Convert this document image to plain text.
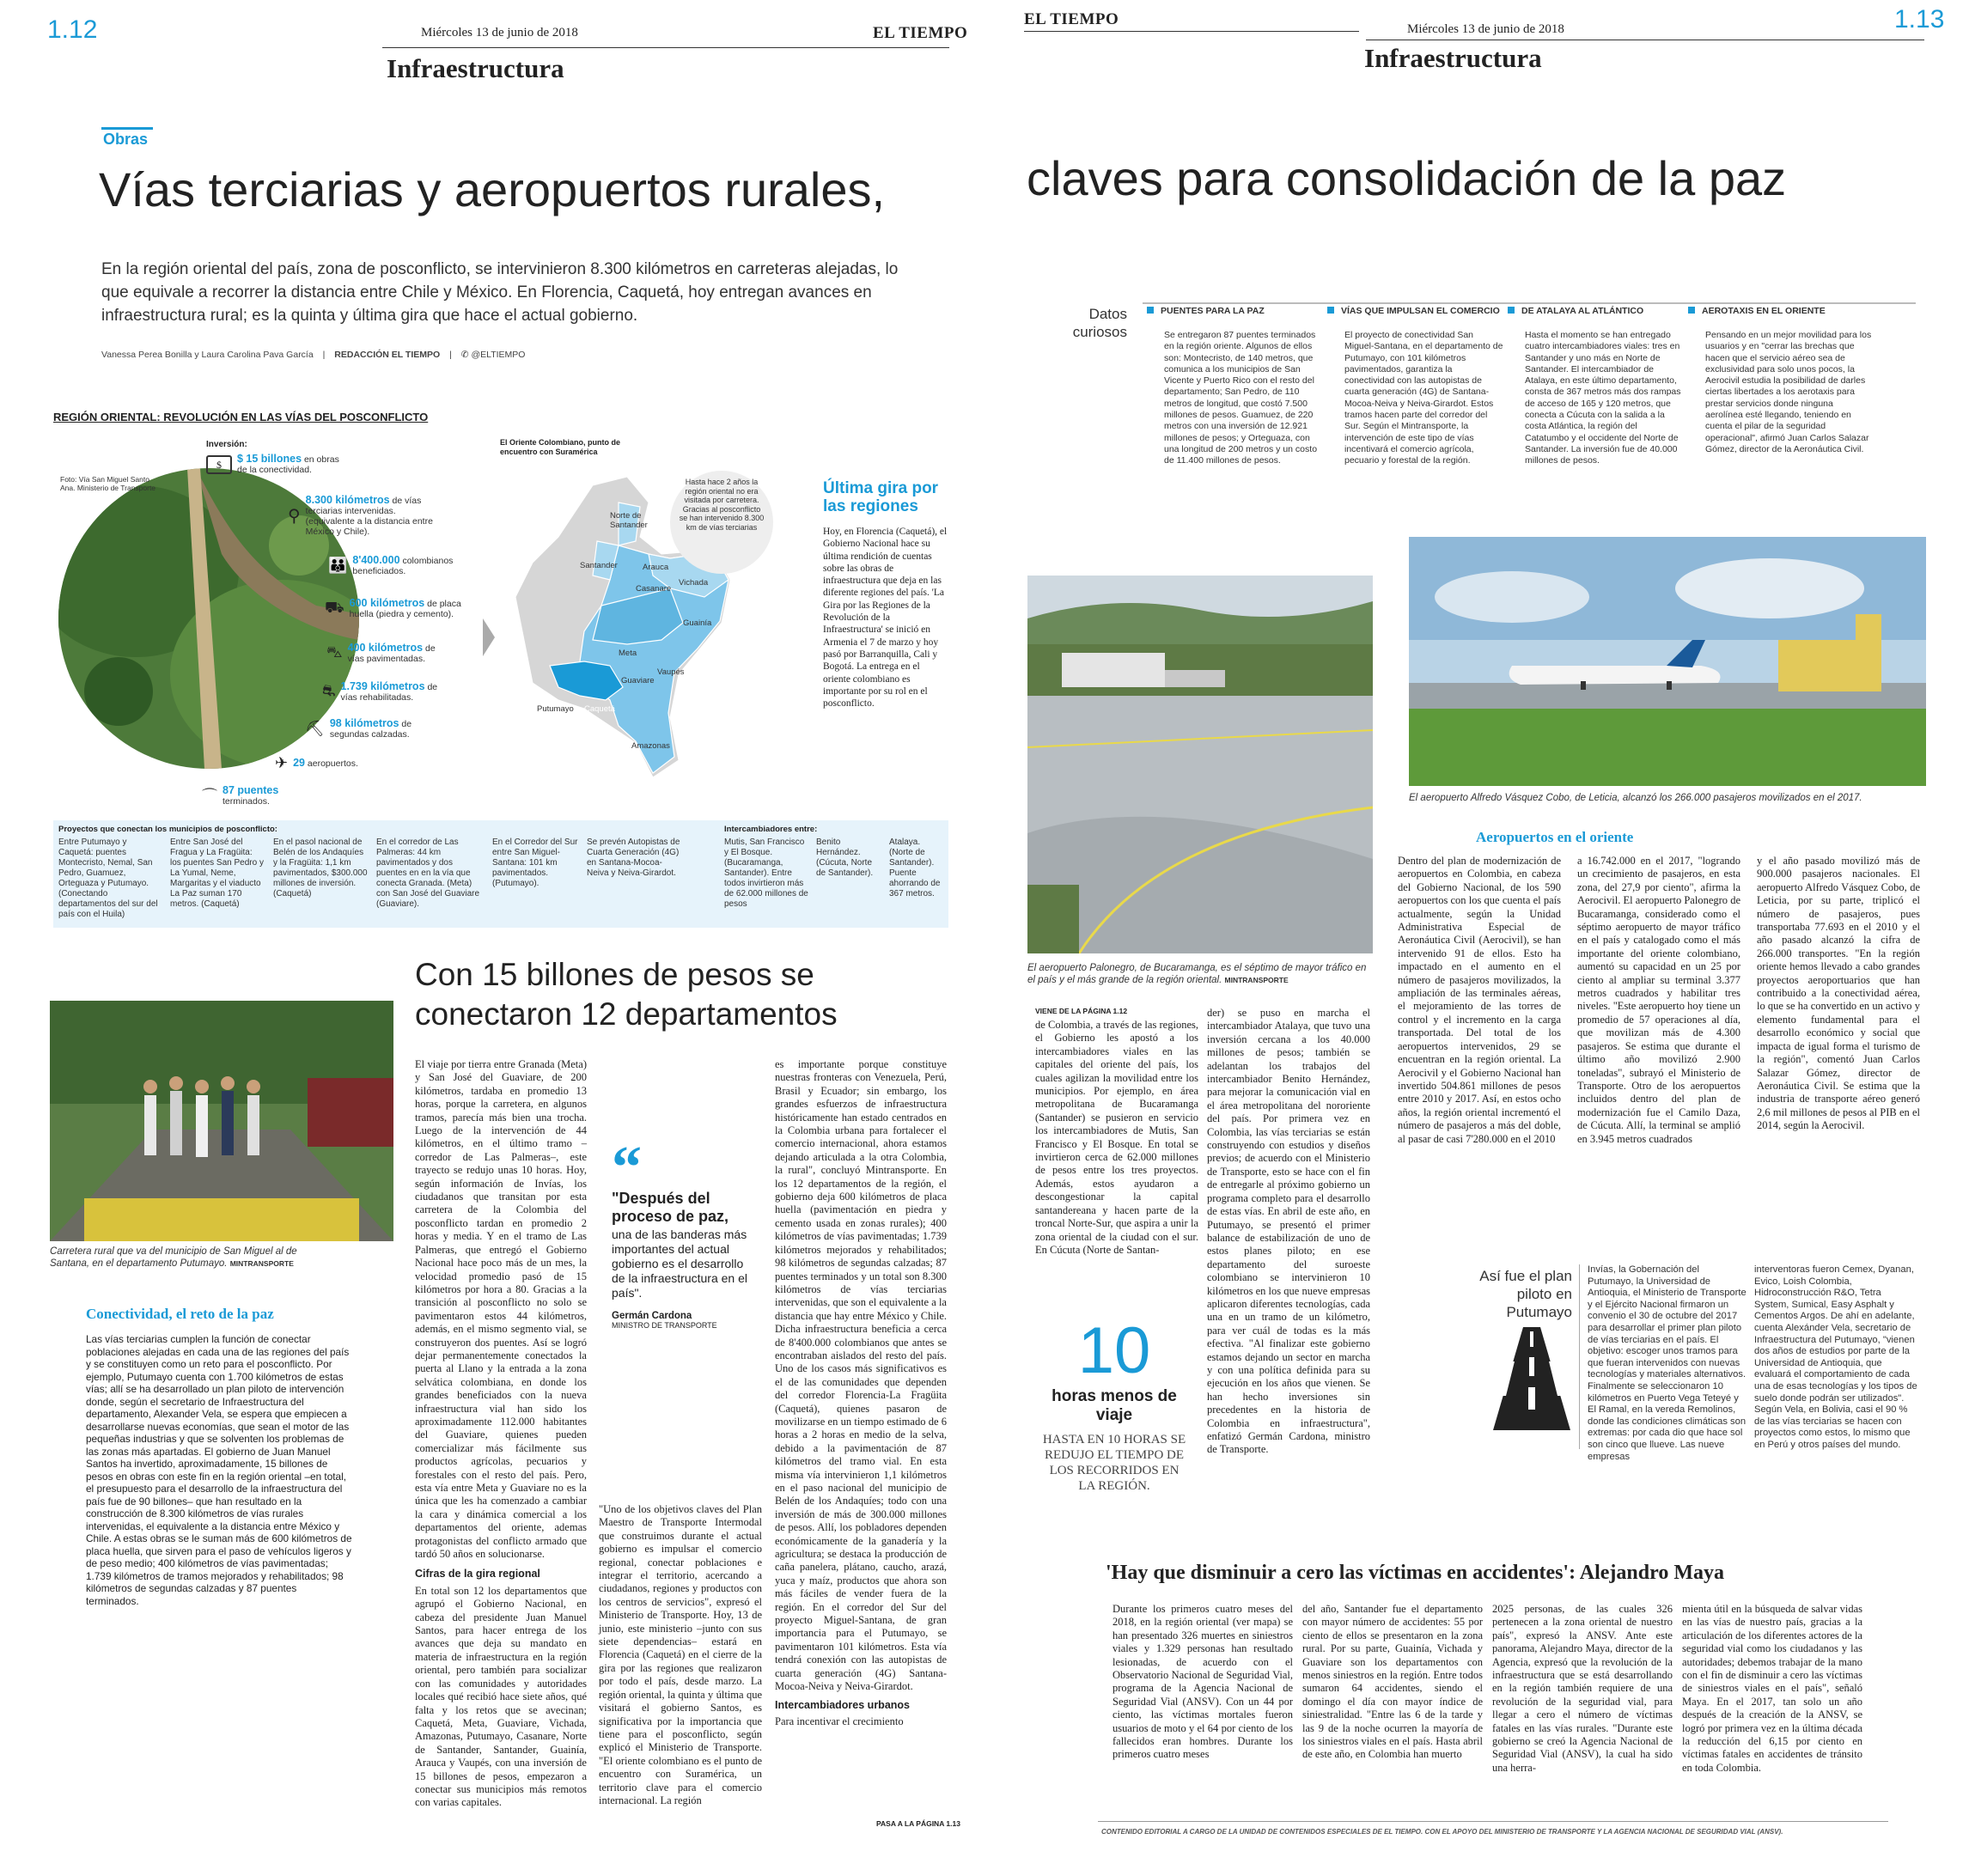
1.12	Miércoles 13 de junio de 2018	EL TIEMPO
Infraestructura
Obras
Vías terciarias y aeropuertos rurales,
En la región oriental del país, zona de posconflicto, se intervinieron 8.300 kilómetros en carreteras alejadas, lo que equivale a recorrer la distancia entre Chile y México. En Florencia, Caquetá, hoy entregan avances en infraestructura rural; es la quinta y última gira que hace el actual gobierno.
Vanessa Perea Bonilla y Laura Carolina Pava García | REDACCIÓN EL TIEMPO | ✆ @ELTIEMPO
REGIÓN ORIENTAL: REVOLUCIÓN EN LAS VÍAS DEL POSCONFLICTO
Inversión:
Foto: Vía San Miguel Santo Ana. Ministerio de Transporte
$	$ 15 billones en obras de la conectividad.
⚲
8.300 kilómetros de vías terciarias intervenidas. (equivalente a la distancia entre México y Chile).
👪 8'400.000 colombianos beneficiados.
⛟ 600 kilómetros de placa huella (piedra y cemento).
⛍ 400 kilómetros de vías pavimentadas.
⛐ 1.739 kilómetros de vías rehabilitadas.
⛏ 98 kilómetros de segundas calzadas.
✈ 29 aeropuertos.
⌒ 87 puentes terminados.
El Oriente Colombiano, punto de encuentro con Suramérica
Norte de Santander
Santander	Arauca
Casanare
Vichada
Guainía
Meta
Guaviare
Vaupés
Putumayo Caquetá
Amazonas
Hasta hace 2 años la región oriental no era visitada por carretera. Gracias al posconflicto se han intervenido 8.300 km de vías terciarias
Última gira por las regiones
Hoy, en Florencia (Caquetá), el Gobierno Nacional hace su última rendición de cuentas sobre las obras de infraestructura que deja en las diferente regiones del país. 'La Gira por las Regiones de la Revolución de la Infraestructura' se inició en Armenia el 7 de marzo y hoy pasó por Barranquilla, Cali y Bogotá. La entrega en el oriente colombiano es importante por su rol en el posconflicto.
Proyectos que conectan los municipios de posconflicto:	Intercambiadores entre:
Entre Putumayo y Caquetá: puentes Montecristo, Nemal, San Pedro, Guamuez, Orteguaza y Putumayo. (Conectando departamentos del sur del país con el Huila)
Entre San José del Fragua y La Fragüita: los puentes San Pedro y La Yumal, Neme, Margaritas y el viaducto La Paz suman 170 metros. (Caquetá)
En el pasol nacional de Belén de los Andaquíes y la Fragüita: 1,1 km pavimentados, $300.000 millones de inversión. (Caquetá)
En el corredor de Las Palmeras: 44 km pavimentados y dos puentes en en la vía que conecta Granada. (Meta) con San José del Guaviare (Guaviare).
En el Corredor del Sur entre San Miguel-Santana: 101 km pavimentados. (Putumayo).
Se prevén Autopistas de Cuarta Generación (4G) en Santana-Mocoa-Neiva y Neiva-Girardot.
Mutis, San Francisco y El Bosque. (Bucaramanga, Santander). Entre todos invirtieron más de 62.000 millones de pesos
Benito Hernández. (Cúcuta, Norte de Santander).
Atalaya. (Norte de Santander). Puente ahorrando de 367 metros.
Con 15 billones de pesos se conectaron 12 departamentos
Carretera rural que va del municipio de San Miguel al de Santana, en el departamento Putumayo. MINTRANSPORTE
Conectividad, el reto de la paz
Las vías terciarias cumplen la función de conectar poblaciones alejadas en cada una de las regiones del país y se constituyen como un reto para el posconflicto. Por ejemplo, Putumayo cuenta con 1.700 kilómetros de estas vías; allí se ha desarrollado un plan piloto de intervención donde, según el secretario de Infraestructura del departamento, Alexander Vela, se espera que empiecen a desarrollarse nuevas economías, que sean el motor de las pequeñas industrias y que se solventen los problemas de las zonas más apartadas. El gobierno de Juan Manuel Santos ha invertido, aproximadamente, 15 billones de pesos en obras con este fin en la región oriental –en total, el presupuesto para el desarrollo de la infraestructura del país fue de 90 billones– que han resultado en la construcción de 8.300 kilómetros de vías rurales intervenidas, el equivalente a la distancia entre México y Chile. A estas obras se le suman más de 600 kilómetros de placa huella, que sirven para el paso de vehículos ligeros y de peso medio; 400 kilómetros de vías pavimentadas; 1.739 kilómetros de tramos mejorados y rehabilitados; 98 kilómetros de segundas calzadas y 87 puentes terminados.

El viaje por tierra entre Granada (Meta) y San José del Guaviare, de 200 kilómetros, tardaba en promedio 13 horas, porque la carretera, en algunos tramos, parecía más bien una trocha. Luego de la intervención de 44 kilómetros, en el último tramo –corredor de Las Palmeras–, este trayecto se redujo unas 10 horas. Hoy, según información de Invías, los ciudadanos que transitan por esta carretera de la Colombia del posconflicto tardan en promedio 2 horas y media. Y en el tramo de Las Palmeras, que entregó el Gobierno Nacional hace poco más de un mes, la velocidad promedio pasó de 15 kilómetros por hora a 80. Gracias a la transición al posconflicto no solo se pavimentaron estos 44 kilómetros, además, en el mismo segmento vial, se construyeron dos puentes. Así se logró dejar permanentemente conectados la puerta al Llano y la entrada a la zona selvática colombiana, en donde los grandes beneficiados con la nueva infraestructura vial han sido los aproximadamente 112.000 habitantes del Guaviare, quienes pueden comercializar más fácilmente sus productos agrícolas, pecuarios y forestales con el resto del país. Pero, esta vía entre Meta y Guaviare no es la única que les ha comenzado a cambiar la cara y dinámica comercial a los departamentos del oriente, ademas protagonistas del conflicto armado que tardó 50 años en solucionarse.

Cifras de la gira regional

En total son 12 los departamentos que agrupó el Gobierno Nacional, en cabeza del presidente Juan Manuel Santos, para hacer entrega de los avances que deja su mandato en materia de infraestructura en la región oriental, pero también para socializar con las comunidades y autoridades locales qué recibió hace siete años, qué falta y los retos que se avecinan; Caquetá, Meta, Guaviare, Vichada, Amazonas, Putumayo, Casanare, Norte de Santander, Santander, Guainía, Arauca y Vaupés, con una inversión de 15 billones de pesos, empezaron a conectar sus municipios más remotos con varias capitales.

“
"Después del proceso de paz,
una de las banderas más importantes del actual gobierno es el desarrollo de la infraestructura en el país".
Germán Cardona
MINISTRO DE TRANSPORTE

"Uno de los objetivos claves del Plan Maestro de Transporte Intermodal que construimos durante el actual gobierno es impulsar el comercio regional, conectar poblaciones e integrar el territorio, acercando a ciudadanos, regiones y productos con los centros de servicios", expresó el Ministerio de Transporte. Hoy, 13 de junio, este ministerio –junto con sus siete dependencias– estará en Florencia (Caquetá) en el cierre de la gira por las regiones que realizaron por todo el país, desde marzo. La región oriental, la quinta y última que visitará el gobierno Santos, es significativa por la importancia que tiene para el posconflicto, según explicó el Ministerio de Transporte. "El oriente colombiano es el punto de encuentro con Suramérica, un territorio clave para el comercio internacional. La región

es importante porque constituye nuestras fronteras con Venezuela, Perú, Brasil y Ecuador; sin embargo, los grandes esfuerzos de infraestructura históricamente han estado centrados en la Colombia urbana para fortalecer el comercio internacional, ahora estamos dejando articulada a la otra Colombia, la rural", concluyó Mintransporte. En los 12 departamentos de la región, el gobierno deja 600 kilómetros de placa huella (pavimentación en piedra y cemento usada en zonas rurales); 400 kilómetros de vías pavimentadas; 1.739 kilómetros mejorados y rehabilitados; 98 kilómetros de segundas calzadas; 87 puentes terminados y un total son 8.300 kilómetros de vías terciarias intervenidas, que son el equivalente a la distancia que hay entre México y Chile. Dicha infraestructura beneficia a cerca de 8'400.000 colombianos que antes se encontraban aislados del resto del país. Uno de los casos más significativos es el de las comunidades que dependen del corredor Florencia-La Fragüita (Caquetá), quienes pasaron de movilizarse en un tiempo estimado de 6 horas a 2 horas en medio de la selva, debido a la pavimentación de 87 kilómetros del tramo vial. En esta misma vía intervinieron 1,1 kilómetros en el paso nacional del municipio de Belén de los Andaquíes; todo con una inversión de más de 300.000 millones de pesos. Allí, los pobladores dependen económicamente de la ganadería y la agricultura; se destaca la producción de caña panelera, plátano, caucho, arazá, yuca y maíz, productos que ahora son más fáciles de vender fuera de la región. En el corredor del Sur del proyecto Miguel-Santana, de gran importancia para el Putumayo, se pavimentaron 101 kilómetros. Esta vía tendrá conexión con las autopistas de cuarta generación (4G) Santana-Mocoa-Neiva y Neiva-Girardot.

Intercambiadores urbanos

Para incentivar el crecimiento

PASA A LA PÁGINA 1.13
EL TIEMPO
Miércoles 13 de junio de 2018	1.13
Infraestructura
claves para consolidación de la paz
Datos curiosos
PUENTES PARA LA PAZ
Se entregaron 87 puentes terminados en la región oriente. Algunos de ellos son: Montecristo, de 140 metros, que comunica a los municipios de San Vicente y Puerto Rico con el resto del departamento; San Pedro, de 110 metros de longitud, que costó 7.500 millones de pesos. Guamuez, de 220 metros con una inversión de 12.921 millones de pesos; y Orteguaza, con una longitud de 200 metros y un costo de 11.400 millones de pesos.
VÍAS QUE IMPULSAN EL COMERCIO
El proyecto de conectividad San Miguel-Santana, en el departamento de Putumayo, con 101 kilómetros pavimentados, garantiza la conectividad con las autopistas de cuarta generación (4G) de Santana-Mocoa-Neiva y Neiva-Girardot. Estos tramos hacen parte del corredor del Sur. Según el Mintransporte, la intervención de este tipo de vías incentivará el comercio agrícola, pecuario y forestal de la región.
DE ATALAYA AL ATLÁNTICO
Hasta el momento se han entregado cuatro intercambiadores viales: tres en Santander y uno más en Norte de Santander. El intercambiador de Atalaya, en este último departamento, consta de 367 metros más dos rampas de acceso de 165 y 120 metros, que conecta a Cúcuta con la salida a la costa Atlántica, la región del Catatumbo y el occidente del Norte de Santander. La inversión fue de 40.000 millones de pesos.
AEROTAXIS EN EL ORIENTE
Pensando en un mejor movilidad para los usuarios y en "cerrar las brechas que hacen que el servicio aéreo sea de exclusividad para solo unos pocos, la Aerocivil estudia la posibilidad de darles ciertas libertades a los aerotaxis para prestar servicios donde ninguna aerolínea esté llegando, teniendo en cuenta el pilar de la seguridad operacional", afirmó Juan Carlos Salazar Gómez, director de la Aeronáutica Civil.
El aeropuerto Palonegro, de Bucaramanga, es el séptimo de mayor tráfico en el país y el más grande de la región oriental. MINTRANSPORTE
El aeropuerto Alfredo Vásquez Cobo, de Leticia, alcanzó los 266.000 pasajeros movilizados en el 2017.
VIENE DE LA PÁGINA 1.12
de Colombia, a través de las regiones, el Gobierno les apostó a los intercambiadores viales en las capitales del oriente del país, los cuales agilizan la movilidad entre los municipios. Por ejemplo, en área metropolitana de Bucaramanga (Santander) se pusieron en servicio los intercambiadores de Mutis, San Francisco y El Bosque. En total se invirtieron cerca de 62.000 millones de pesos entre los tres proyectos. Además, estos ayudaron a descongestionar la capital santandereana y hacen parte de la troncal Norte-Sur, que aspira a unir la zona oriental de la ciudad con el sur. En Cúcuta (Norte de Santan-
der) se puso en marcha el intercambiador Atalaya, que tuvo una inversión cercana a los 40.000 millones de pesos; también se adelantan los trabajos del intercambiador Benito Hernández, para mejorar la comunicación vial en el área metropolitana del nororiente del país. Por primera vez en Colombia, las vías terciarias se están construyendo con estudios y diseños previos; de acuerdo con el Ministerio de Transporte, esto se hace con el fin de entregarle al próximo gobierno un programa completo para el desarrollo de estas vías. En abril de este año, en Putumayo, se presentó el primer balance de estabilización de uno de estos planes piloto; en ese departamento del suroeste colombiano se intervinieron 10 kilómetros en los que nueve empresas aplicaron diferentes tecnologías, cada una en un tramo de un kilómetro, para ver cuál de todas es la más efectiva. "Al finalizar este gobierno estamos dejando un sector en marcha y con una política definida para su ejecución en los años que vienen. Se han hecho inversiones sin precedentes en la historia de Colombia en infraestructura", enfatizó Germán Cardona, ministro de Transporte.
10
horas menos de viaje
HASTA EN 10 HORAS SE REDUJO EL TIEMPO DE LOS RECORRIDOS EN LA REGIÓN.
Aeropuertos en el oriente
Dentro del plan de modernización de aeropuertos en Colombia, en cabeza del Gobierno Nacional, de los 590 aeropuertos con los que cuenta el país actualmente, según la Unidad Administrativa Especial de Aeronáutica Civil (Aerocivil), se han intervenido 91 de ellos. Esto ha impactado en el aumento en el número de pasajeros movilizados, la ampliación de las terminales aéreas, el mejoramiento de las torres de control y el incremento en la carga transportada. Del total de los aeropuertos intervenidos, 29 se encuentran en la región oriental. La Aerocivil y el Gobierno Nacional han invertido 504.861 millones de pesos entre 2010 y 2017. Así, en estos ocho años, la región oriental incrementó el número de pasajeros a más del doble, al pasar de casi 7'280.000 en el 2010
a 16.742.000 en el 2017, "logrando un crecimiento de pasajeros, en esta zona, del 27,9 por ciento", afirma la Aerocivil. El aeropuerto Palonegro de Bucaramanga, considerado como el séptimo aeropuerto de mayor tráfico en el país y catalogado como el más importante del oriente colombiano, aumentó su capacidad en un 25 por ciento al ampliar su terminal 3.377 metros cuadrados y habilitar tres niveles. "Este aeropuerto hoy tiene un promedio de 57 operaciones al día, que movilizan más de 4.300 pasajeros. Se estima que durante el último año movilizó 2.900 toneladas", subrayó el Ministerio de Transporte. Otro de los aeropuertos incluidos dentro del plan de modernización fue el Camilo Daza, de Cúcuta. Allí, la terminal se amplió en 3.945 metros cuadrados
y el año pasado movilizó más de 900.000 pasajeros nacionales. El aeropuerto Alfredo Vásquez Cobo, de Leticia, por su parte, triplicó el número de pasajeros, pues transportaba 77.693 en el 2010 y el año pasado alcanzó la cifra de 266.000 transportes. "En la región oriente hemos llevado a cabo grandes proyectos aeroportuarios que han contribuido a la conectividad aérea, lo que se ha convertido en un activo y elemento fundamental para el desarrollo económico y social que impacta de igual forma el turismo de la región", comentó Juan Carlos Salazar Gómez, director de Aeronáutica Civil. Se estima que la industria de transporte aéreo generó 2,6 mil millones de pesos al PIB en el 2014, según la Aerocivil.
Así fue el plan piloto en Putumayo
Invías, la Gobernación del Putumayo, la Universidad de Antioquia, el Ministerio de Transporte y el Ejército Nacional firmaron un convenio el 30 de octubre del 2017 para desarrollar el primer plan piloto de vías terciarias en el país. El objetivo: escoger unos tramos para que fueran intervenidos con nuevas tecnologías y materiales alternativos. Finalmente se seleccionaron 10 kilómetros en Puerto Vega Teteyé y El Ramal, en la vereda Remolinos, donde las condiciones climáticas son extremas: por cada dio que hace sol son cinco que llueve. Las nueve empresas
interventoras fueron Cemex, Dyanan, Evico, Loish Colombia, Hidroconstrucción R&O, Tetra System, Sumical, Easy Asphalt y Cementos Argos. De ahí en adelante, cuenta Alexánder Vela, secretario de Infraestructura del Putumayo, "vienen dos años de estudios por parte de la Universidad de Antioquia, que evaluará el comportamiento de cada una de esas tecnologías y los tipos de suelo donde podrán ser utilizados". Según Vela, en Bolivia, casi el 90 % de las vías terciarias se hacen con proyectos como estos, lo mismo que en Perú y otros países del mundo.
'Hay que disminuir a cero las víctimas en accidentes': Alejandro Maya
Durante los primeros cuatro meses del 2018, en la región oriental (ver mapa) se han presentado 326 muertes en siniestros viales y 1.329 personas han resultado lesionadas, de acuerdo con el Observatorio Nacional de Seguridad Vial, programa de la Agencia Nacional de Seguridad Vial (ANSV). Con un 44 por ciento, las víctimas mortales fueron usuarios de moto y el 64 por ciento de los fallecidos eran hombres. Durante los primeros cuatro meses
del año, Santander fue el departamento con mayor número de accidentes: 55 por ciento de ellos se presentaron en la zona rural. Por su parte, Guainía, Vichada y Guaviare son los departamentos con menos siniestros en la región. Entre todos sumaron 64 accidentes, siendo el domingo el día con mayor índice de siniestralidad. "Entre las 6 de la tarde y las 9 de la noche ocurren la mayoría de los siniestros viales en el país. Hasta abril de este año, en Colombia han muerto
2025 personas, de las cuales 326 pertenecen a la zona oriental de nuestro país", expresó la ANSV. Ante este panorama, Alejandro Maya, director de la Agencia, expresó que la revolución de la infraestructura que se está desarrollando en la región también requiere de una revolución de la seguridad vial, para llegar a cero el número de víctimas fatales en las vías rurales. "Durante este gobierno se creó la Agencia Nacional de Seguridad Vial (ANSV), la cual ha sido una herra-
mienta útil en la búsqueda de salvar vidas en las vías de nuestro país, gracias a la articulación de los diferentes actores de la seguridad vial como los ciudadanos y las autoridades; debemos trabajar de la mano con el fin de disminuir a cero las víctimas de siniestros viales en el país", señaló Maya. En el 2017, tan solo un año después de la creación de la ANSV, se logró por primera vez en la última década la reducción del 6,15 por ciento en víctimas fatales en accidentes de tránsito en toda Colombia.
CONTENIDO EDITORIAL A CARGO DE LA UNIDAD DE CONTENIDOS ESPECIALES DE EL TIEMPO. CON EL APOYO DEL MINISTERIO DE TRANSPORTE Y LA AGENCIA NACIONAL DE SEGURIDAD VIAL (ANSV).
